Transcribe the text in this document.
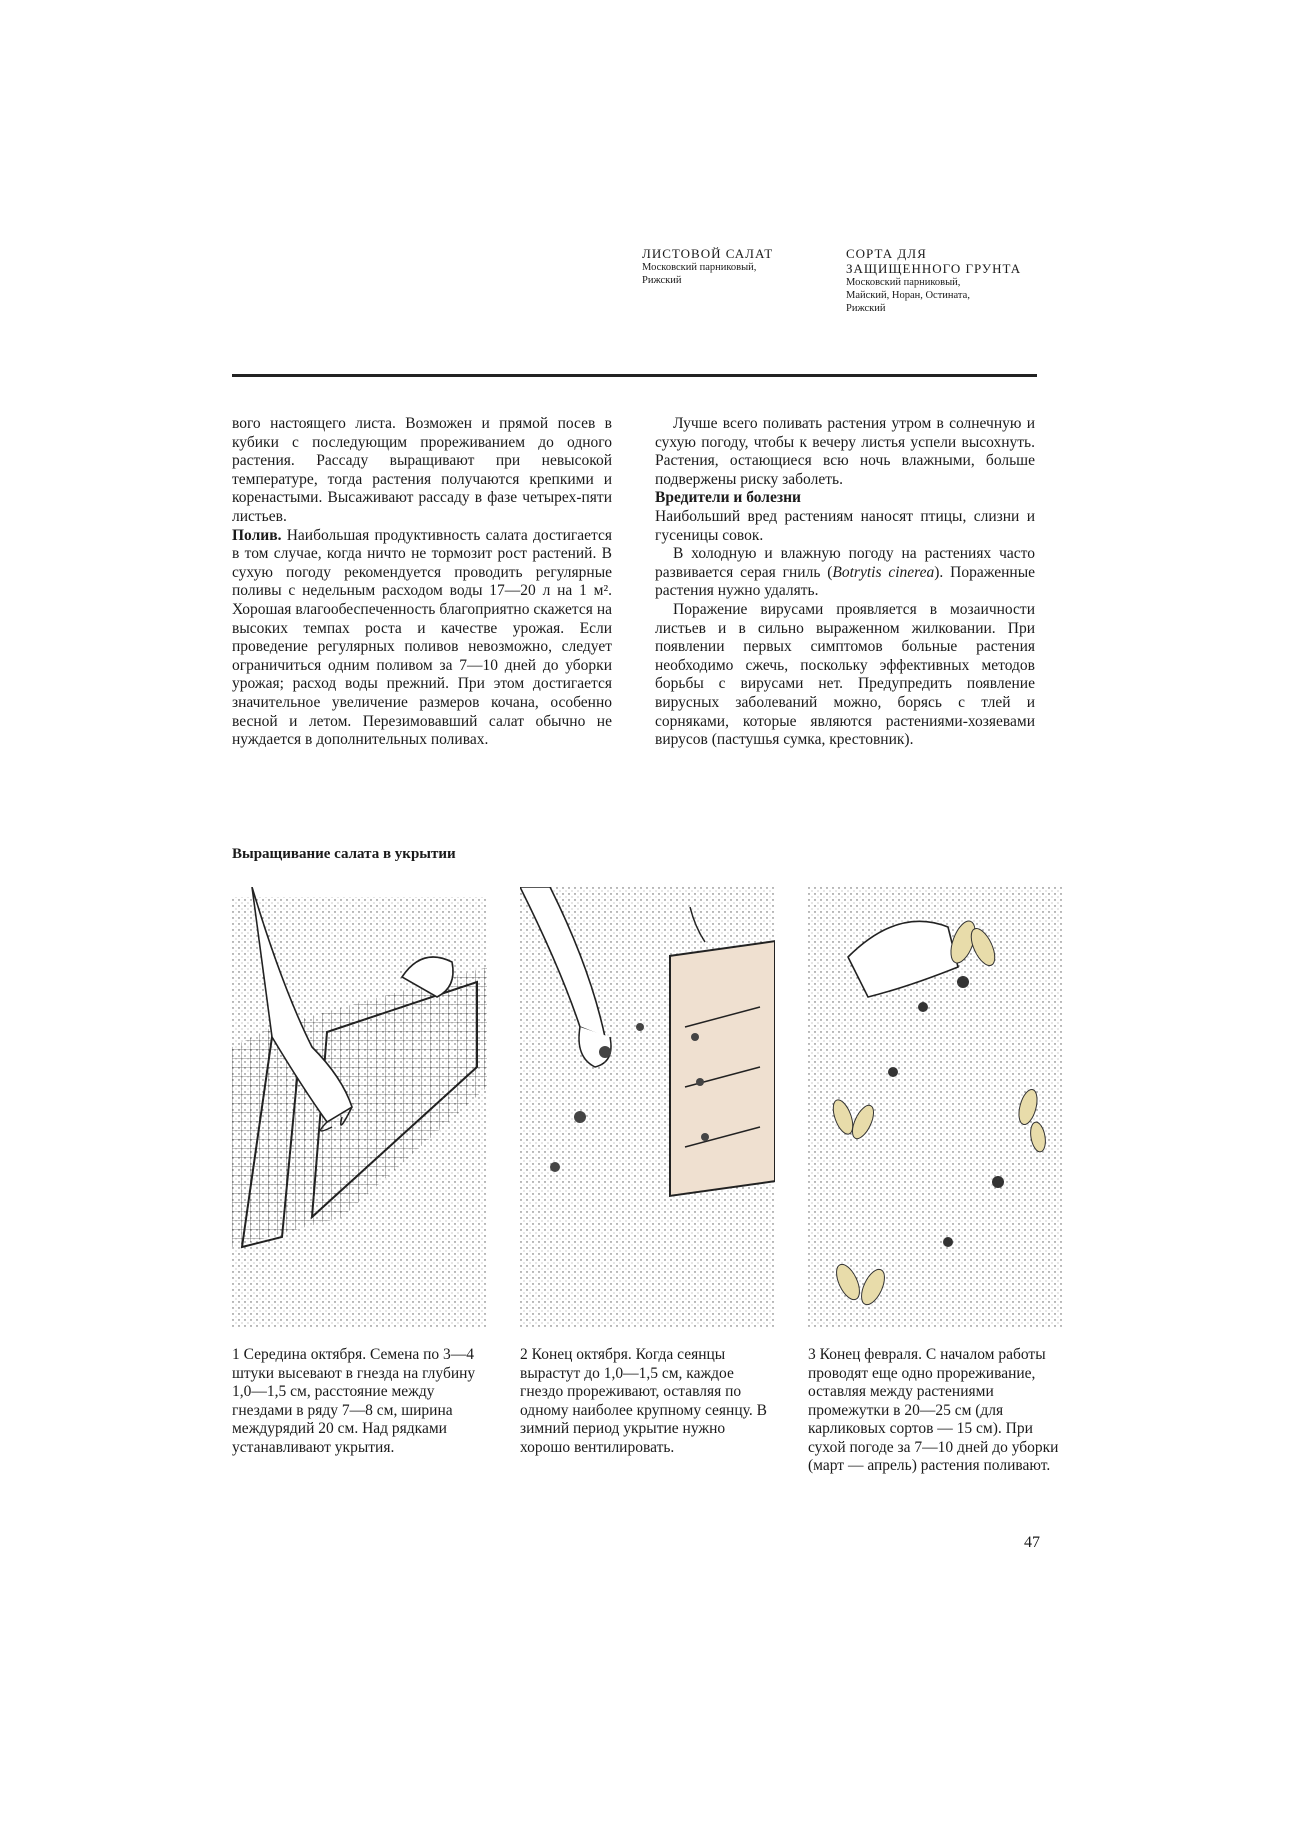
ЛИСТОВОЙ САЛАТ
Московский парниковый,
Рижский
СОРТА ДЛЯ
ЗАЩИЩЕННОГО ГРУНТА
Московский парниковый,
Майский, Норан, Остината,
Рижский

вого настоящего листа. Возможен и прямой посев в кубики с последующим прореживанием до одного растения. Рассаду выращивают при невысокой температуре, тогда растения получаются крепкими и коренастыми. Высаживают рассаду в фазе четырех-пяти листьев.

Полив. Наибольшая продуктивность салата достигается в том случае, когда ничто не тормозит рост растений. В сухую погоду рекомендуется проводить регулярные поливы с недельным расходом воды 17—20 л на 1 м². Хорошая влагообеспеченность благоприятно скажется на высоких темпах роста и качестве урожая. Если проведение регулярных поливов невозможно, следует ограничиться одним поливом за 7—10 дней до уборки урожая; расход воды прежний. При этом достигается значительное увеличение размеров кочана, особенно весной и летом. Перезимовавший салат обычно не нуждается в дополнительных поливах.

Лучше всего поливать растения утром в солнечную и сухую погоду, чтобы к вечеру листья успели высохнуть. Растения, остающиеся всю ночь влажными, больше подвержены риску заболеть.

Вредители и болезни

Наибольший вред растениям наносят птицы, слизни и гусеницы совок.

В холодную и влажную погоду на растениях часто развивается серая гниль (Botrytis cinerea). Пораженные растения нужно удалять.

Поражение вирусами проявляется в мозаичности листьев и в сильно выраженном жилковании. При появлении первых симптомов больные растения необходимо сжечь, поскольку эффективных методов борьбы с вирусами нет. Предупредить появление вирусных заболеваний можно, борясь с тлей и сорняками, которые являются растениями-хозяевами вирусов (пастушья сумка, крестовник).

Выращивание салата в укрытии

1 Середина октября. Семена по 3—4 штуки высевают в гнезда на глубину 1,0—1,5 см, расстояние между гнездами в ряду 7—8 см, ширина междурядий 20 см. Над рядками устанавливают укрытия.

2 Конец октября. Когда сеянцы вырастут до 1,0—1,5 см, каждое гнездо прореживают, оставляя по одному наиболее крупному сеянцу. В зимний период укрытие нужно хорошо вентилировать.

3 Конец февраля. С началом работы проводят еще одно прореживание, оставляя между растениями промежутки в 20—25 см (для карликовых сортов — 15 см). При сухой погоде за 7—10 дней до уборки (март — апрель) растения поливают.

47
